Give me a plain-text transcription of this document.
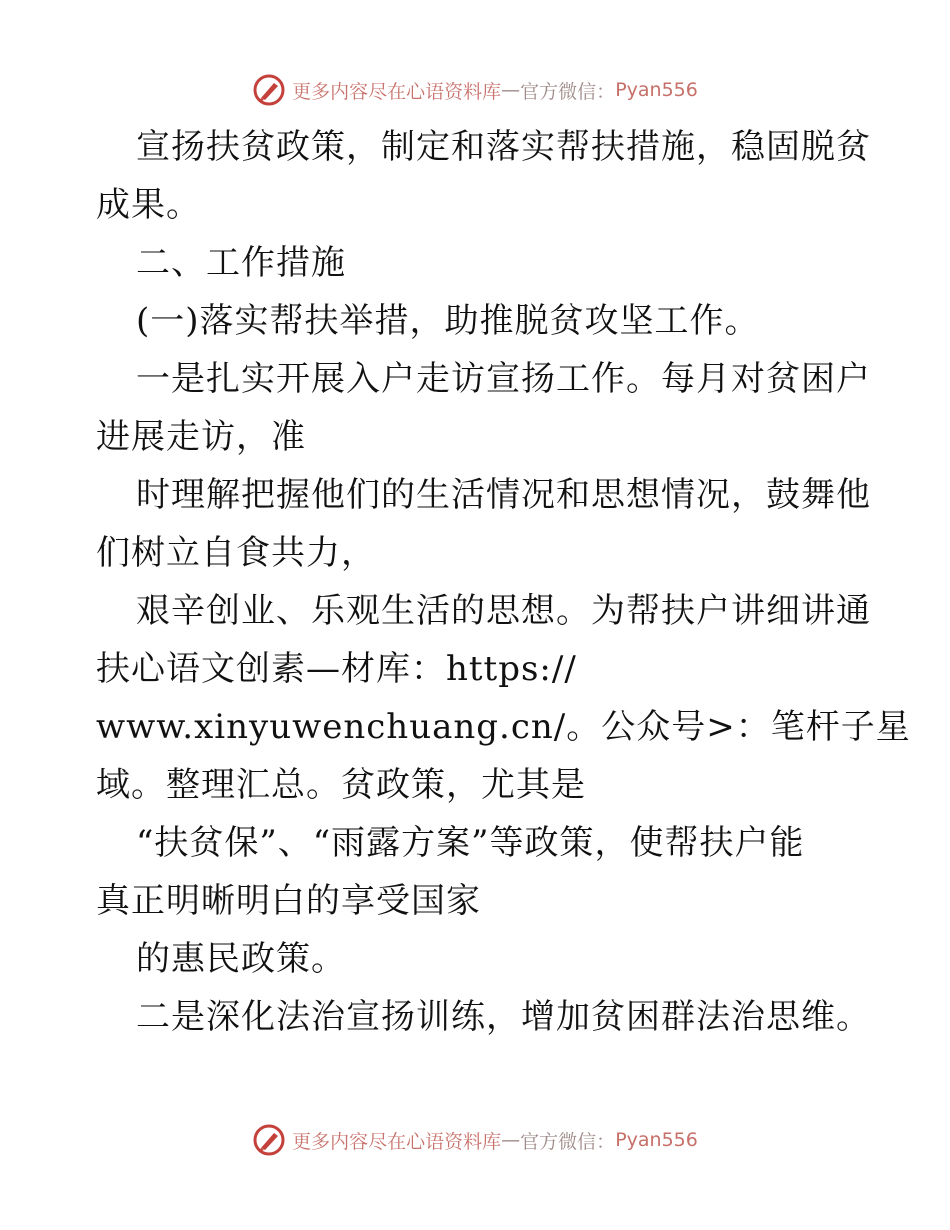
更多内容尽在心语资料库 — 官方微信： Pyan556
宣扬扶贫政策，制定和落实帮扶措施，稳固脱贫
成果。
二、工作措施
(一)落实帮扶举措，助推脱贫攻坚工作。
一是扎实开展入户走访宣扬工作。每月对贫困户
进展走访，准
时理解把握他们的生活情况和思想情况，鼓舞他
们树立自食共力，
艰辛创业、乐观生活的思想。为帮扶户讲细讲通
扶心语文创素—材库：https://
www.xinyuwenchuang.cn/。公众号>：笔杆子星
域。整理汇总。贫政策，尤其是
“扶贫保”、“雨露方案”等政策，使帮扶户能
真正明晰明白的享受国家
的惠民政策。
二是深化法治宣扬训练，增加贫困群法治思维。
更多内容尽在心语资料库 — 官方微信： Pyan556
